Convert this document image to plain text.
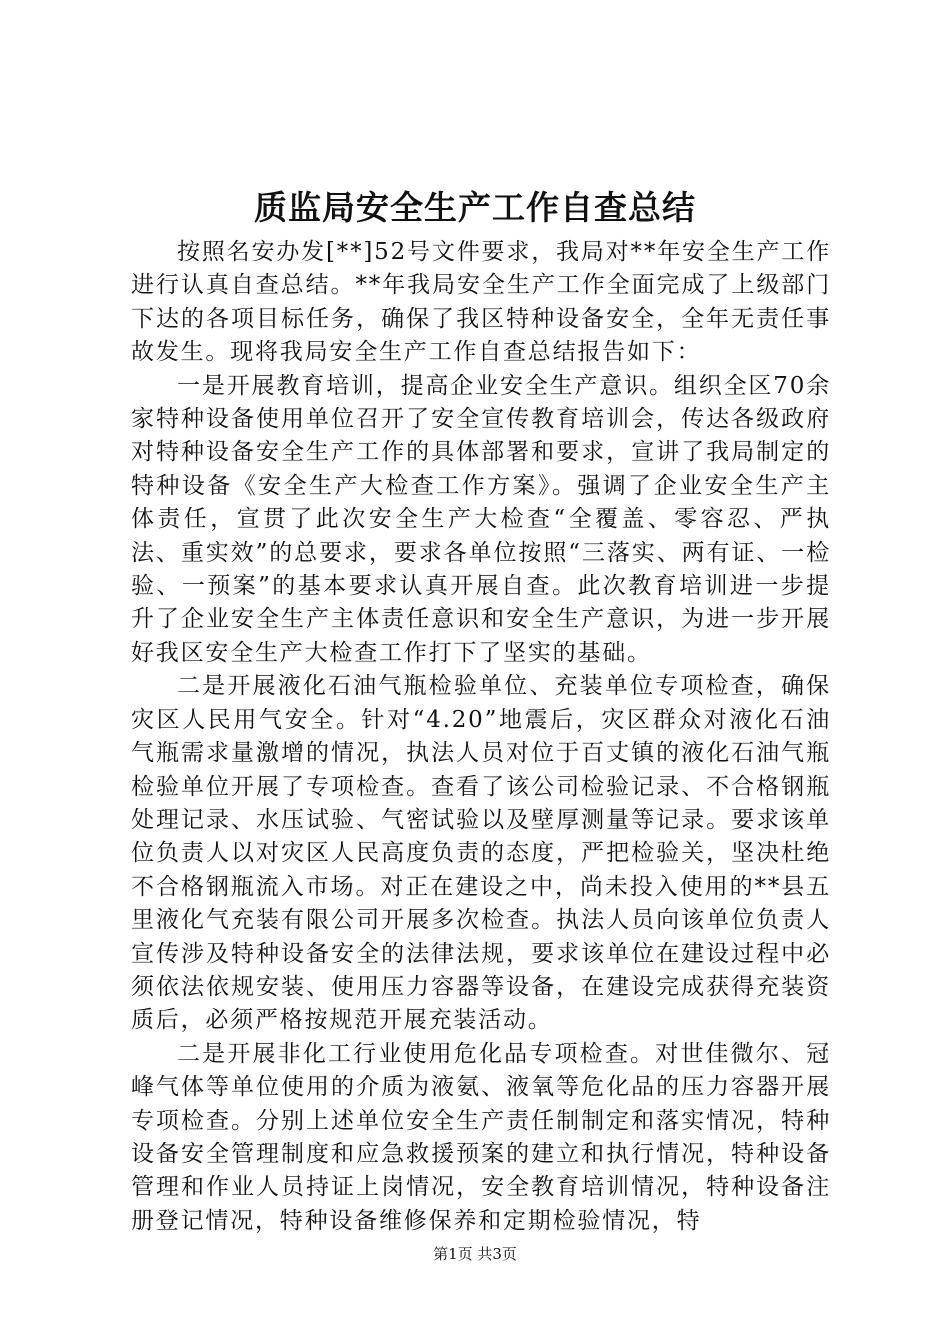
质监局安全生产工作自查总结

按照名安办发[**]52号文件要求，我局对**年安全生产工作进行认真自查总结。**年我局安全生产工作全面完成了上级部门下达的各项目标任务，确保了我区特种设备安全，全年无责任事故发生。现将我局安全生产工作自查总结报告如下：

一是开展教育培训，提高企业安全生产意识。组织全区70余家特种设备使用单位召开了安全宣传教育培训会，传达各级政府对特种设备安全生产工作的具体部署和要求，宣讲了我局制定的特种设备《安全生产大检查工作方案》。强调了企业安全生产主体责任，宣贯了此次安全生产大检查“全覆盖、零容忍、严执法、重实效”的总要求，要求各单位按照“三落实、两有证、一检验、一预案”的基本要求认真开展自查。此次教育培训进一步提升了企业安全生产主体责任意识和安全生产意识，为进一步开展好我区安全生产大检查工作打下了坚实的基础。

二是开展液化石油气瓶检验单位、充装单位专项检查，确保灾区人民用气安全。针对“4.20”地震后，灾区群众对液化石油气瓶需求量激增的情况，执法人员对位于百丈镇的液化石油气瓶检验单位开展了专项检查。查看了该公司检验记录、不合格钢瓶处理记录、水压试验、气密试验以及壁厚测量等记录。要求该单位负责人以对灾区人民高度负责的态度，严把检验关，坚决杜绝不合格钢瓶流入市场。对正在建设之中，尚未投入使用的**县五里液化气充装有限公司开展多次检查。执法人员向该单位负责人宣传涉及特种设备安全的法律法规，要求该单位在建设过程中必须依法依规安装、使用压力容器等设备，在建设完成获得充装资质后，必须严格按规范开展充装活动。

二是开展非化工行业使用危化品专项检查。对世佳微尔、冠峰气体等单位使用的介质为液氨、液氧等危化品的压力容器开展专项检查。分别上述单位安全生产责任制制定和落实情况，特种设备安全管理制度和应急救援预案的建立和执行情况，特种设备管理和作业人员持证上岗情况，安全教育培训情况，特种设备注册登记情况，特种设备维修保养和定期检验情况，特

第1页 共3页
